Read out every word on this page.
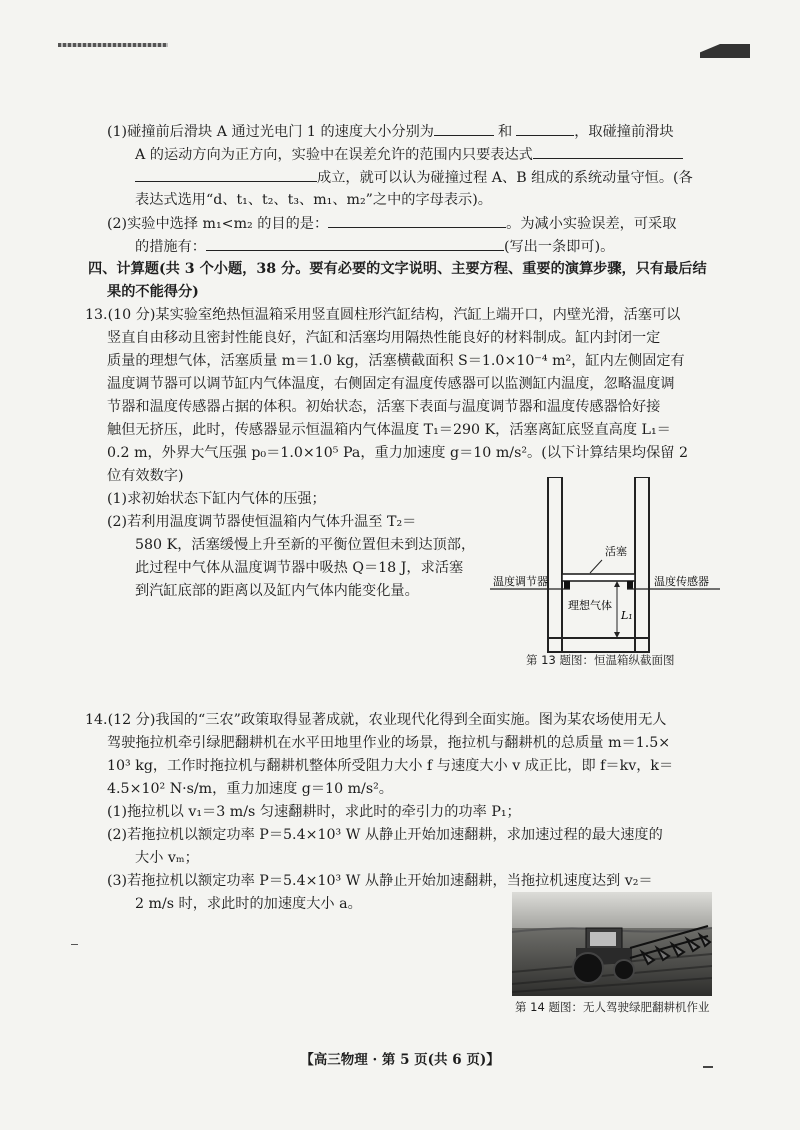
(1)碰撞前后滑块 A 通过光电门 1 的速度大小分别为	和	，取碰撞前滑块
A 的运动方向为正方向，实验中在误差允许的范围内只要表达式
成立，就可以认为碰撞过程 A、B 组成的系统动量守恒。(各
表达式选用“d、t₁、t₂、t₃、m₁、m₂”之中的字母表示)。
(2)实验中选择 m₁<m₂ 的目的是：	。为减小实验误差，可采取
的措施有：	(写出一条即可)。
四、计算题(共 3 个小题，38 分。要有必要的文字说明、主要方程、重要的演算步骤，只有最后结
果的不能得分)
13.(10 分)某实验室绝热恒温箱采用竖直圆柱形汽缸结构，汽缸上端开口，内壁光滑，活塞可以
竖直自由移动且密封性能良好，汽缸和活塞均用隔热性能良好的材料制成。缸内封闭一定
质量的理想气体，活塞质量 m＝1.0 kg，活塞横截面积 S＝1.0×10⁻⁴ m²，缸内左侧固定有
温度调节器可以调节缸内气体温度，右侧固定有温度传感器可以监测缸内温度，忽略温度调
节器和温度传感器占据的体积。初始状态，活塞下表面与温度调节器和温度传感器恰好接
触但无挤压，此时，传感器显示恒温箱内气体温度 T₁＝290 K，活塞离缸底竖直高度 L₁＝
0.2 m，外界大气压强 p₀＝1.0×10⁵ Pa，重力加速度 g＝10 m/s²。(以下计算结果均保留 2
位有效数字)
(1)求初始状态下缸内气体的压强；
(2)若利用温度调节器使恒温箱内气体升温至 T₂＝
580 K，活塞缓慢上升至新的平衡位置但未到达顶部，
此过程中气体从温度调节器中吸热 Q＝18 J，求活塞
到汽缸底部的距离以及缸内气体内能变化量。
活塞
温度调节器	温度传感器
理想气体
L₁
第 13 题图：恒温箱纵截面图
14.(12 分)我国的“三农”政策取得显著成就，农业现代化得到全面实施。图为某农场使用无人
驾驶拖拉机牵引绿肥翻耕机在水平田地里作业的场景，拖拉机与翻耕机的总质量 m＝1.5×
10³ kg，工作时拖拉机与翻耕机整体所受阻力大小 f 与速度大小 v 成正比，即 f＝kv，k＝
4.5×10² N·s/m，重力加速度 g＝10 m/s²。
(1)拖拉机以 v₁＝3 m/s 匀速翻耕时，求此时的牵引力的功率 P₁；
(2)若拖拉机以额定功率 P＝5.4×10³ W 从静止开始加速翻耕，求加速过程的最大速度的
大小 vₘ；
(3)若拖拉机以额定功率 P＝5.4×10³ W 从静止开始加速翻耕，当拖拉机速度达到 v₂＝
2 m/s 时，求此时的加速度大小 a。
第 14 题图：无人驾驶绿肥翻耕机作业
【高三物理 · 第 5 页(共 6 页)】
